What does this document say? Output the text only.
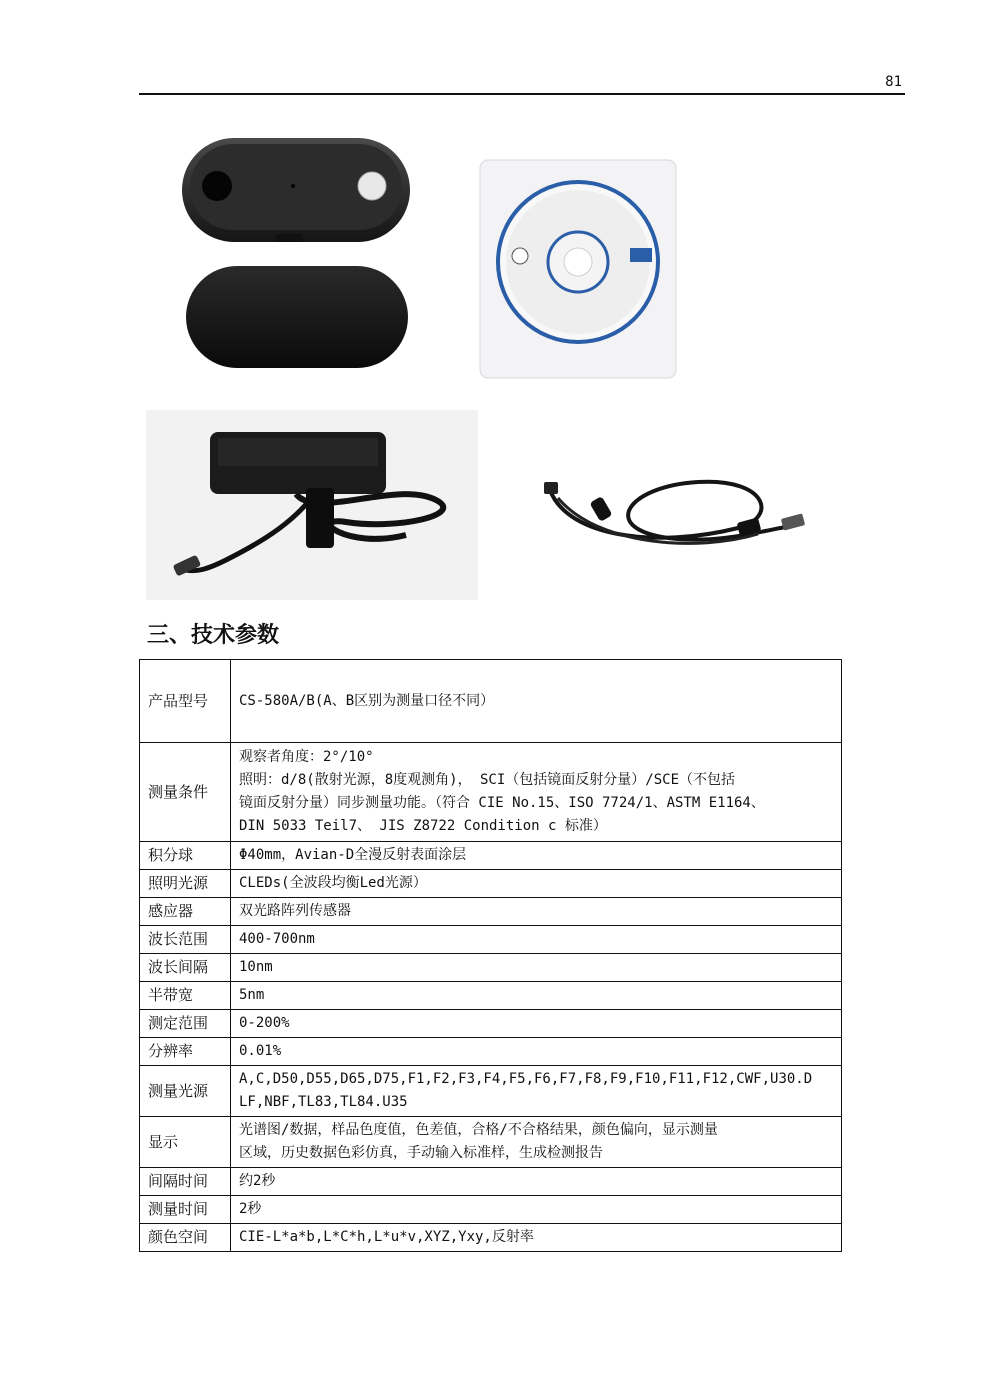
81
三、技术参数
产品型号	CS-580A/B(A、B区别为测量口径不同）

测量条件	观察者角度：2°/10°
照明：d/8(散射光源，8度观测角)， SCI（包括镜面反射分量）/SCE（不包括
镜面反射分量）同步测量功能。（符合 CIE No.15、ISO 7724/1、ASTM E1164、
DIN 5033 Teil7、 JIS Z8722 Condition c 标准）

积分球	Φ40mm，Avian-D全漫反射表面涂层

照明光源	CLEDs(全波段均衡Led光源）

感应器	双光路阵列传感器

波长范围	400-700nm

波长间隔	10nm

半带宽	5nm

测定范围	0-200%

分辨率	0.01%

测量光源	A,C,D50,D55,D65,D75,F1,F2,F3,F4,F5,F6,F7,F8,F9,F10,F11,F12,CWF,U30.D
LF,NBF,TL83,TL84.U35

显示	光谱图/数据，样品色度值，色差值，合格/不合格结果，颜色偏向，显示测量
区域，历史数据色彩仿真，手动输入标准样，生成检测报告

间隔时间	约2秒

测量时间	2秒

颜色空间	CIE-L*a*b,L*C*h,L*u*v,XYZ,Yxy,反射率
